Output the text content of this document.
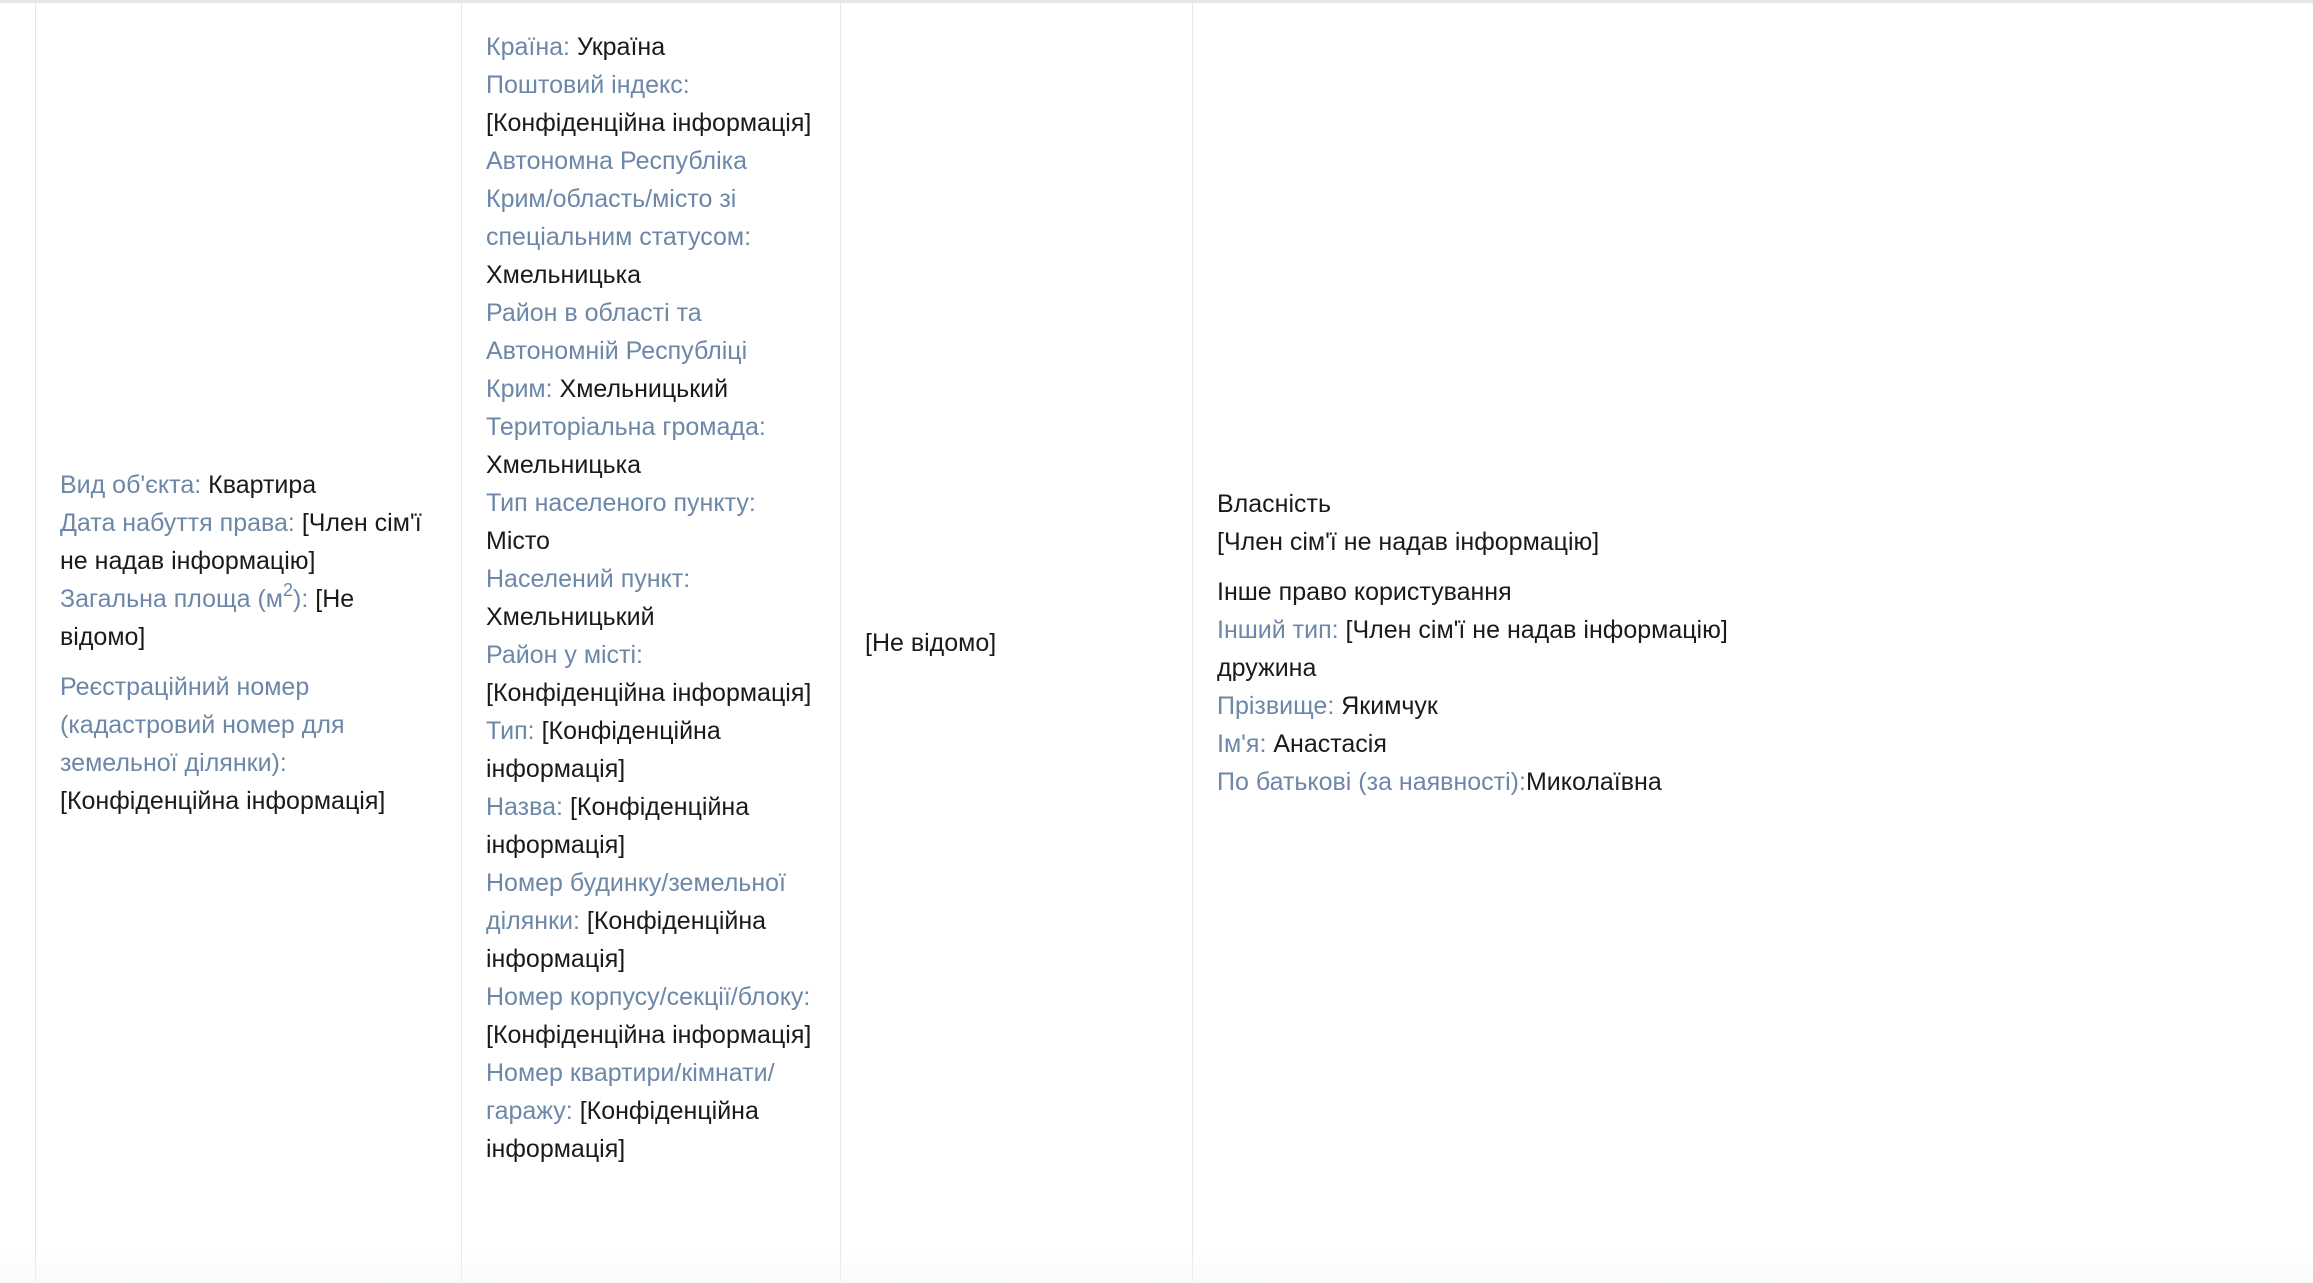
Вид об'єкта: Квартира
Дата набуття права: [Член сім'ї не надав інформацію]
Загальна площа $(м^2)$: [Не відомо]
Реєстраційний номер (кадастровий номер для земельної ділянки): [Конфіденційна інформація]
Країна: Україна
Поштовий індекс: [Конфіденційна інформація]
Автономна Республіка Крим/область/місто зі спеціальним статусом: Хмельницька
Район в області та Автономній Республіці Крим: Хмельницький
Територіальна громада: Хмельницька
Тип населеного пункту: Місто
Населений пункт: Хмельницький
Район у місті: [Конфіденційна інформація]
Тип: [Конфіденційна інформація]
Назва: [Конфіденційна інформація]
Номер будинку/земельної ділянки: [Конфіденційна інформація]
Номер корпусу/секції/блоку: [Конфіденційна інформація]
Номер квартири/кімнати/гаражу: [Конфіденційна інформація]
[Не відомо]
Власність
[Член сім'ї не надав інформацію]
Інше право користування
Інший тип: [Член сім'ї не надав інформацію]
дружина
Прізвище: Якимчук
Ім'я: Анастасія
По батькові (за наявності):Миколаївна
